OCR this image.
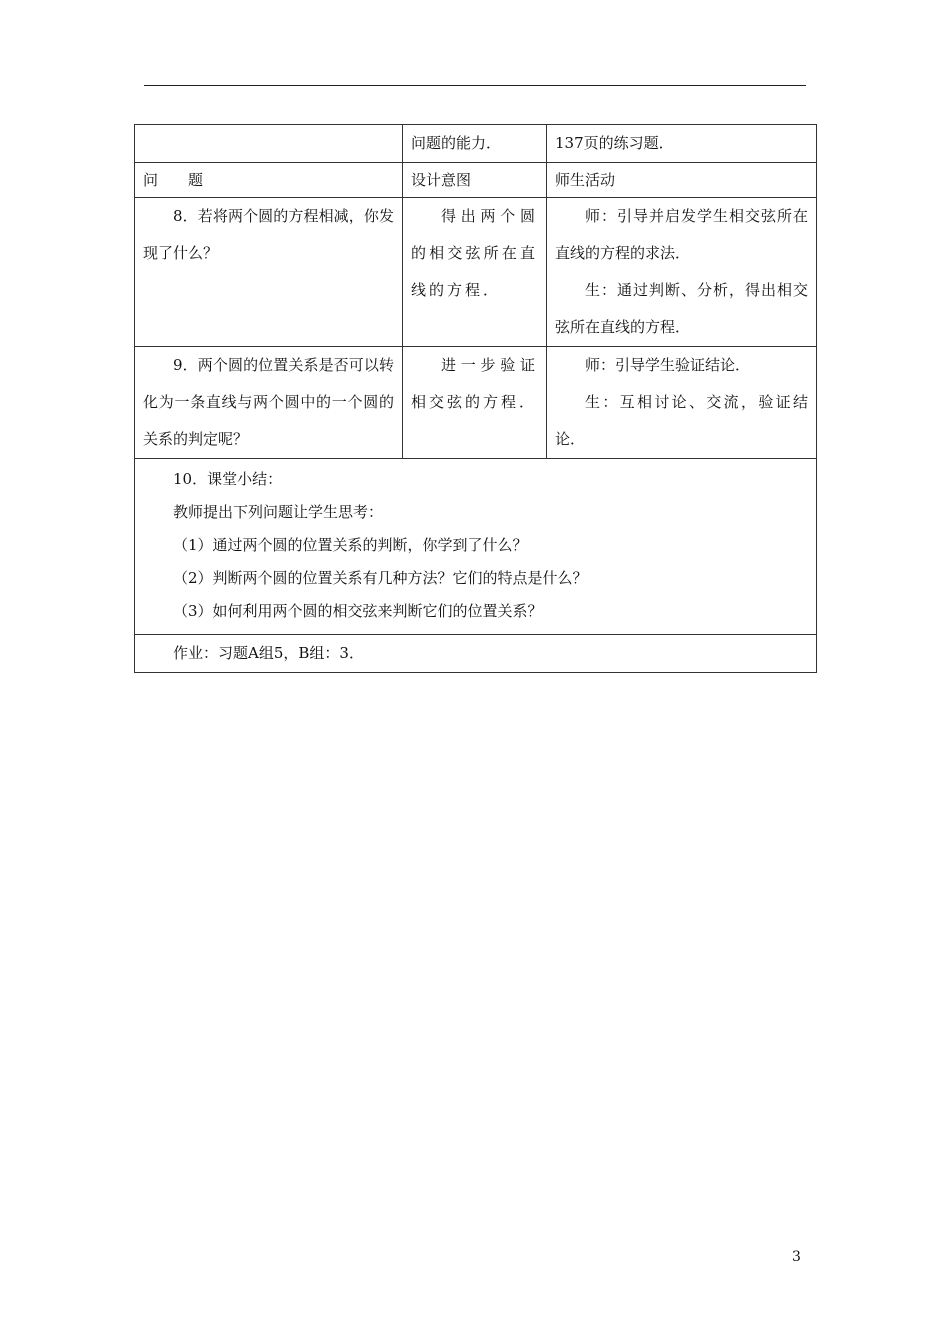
	问题的能力．	137页的练习题．
问　　题	设计意图	师生活动
8．若将两个圆的方程相减，你发现了什么？	得出两个圆的相交弦所在直线的方程．	师：引导并启发学生相交弦所在直线的方程的求法．

生：通过判断、分析，得出相交弦所在直线的方程．

9．两个圆的位置关系是否可以转化为一条直线与两个圆中的一个圆的关系的判定呢？	进一步验证相交弦的方程．	师：引导学生验证结论．

生：互相讨论、交流，验证结论．

10．课堂小结：

教师提出下列问题让学生思考：

（1）通过两个圆的位置关系的判断，你学到了什么？

（2）判断两个圆的位置关系有几种方法？它们的特点是什么？

（3）如何利用两个圆的相交弦来判断它们的位置关系？		

作业：习题A组5，B组：3．		
3
